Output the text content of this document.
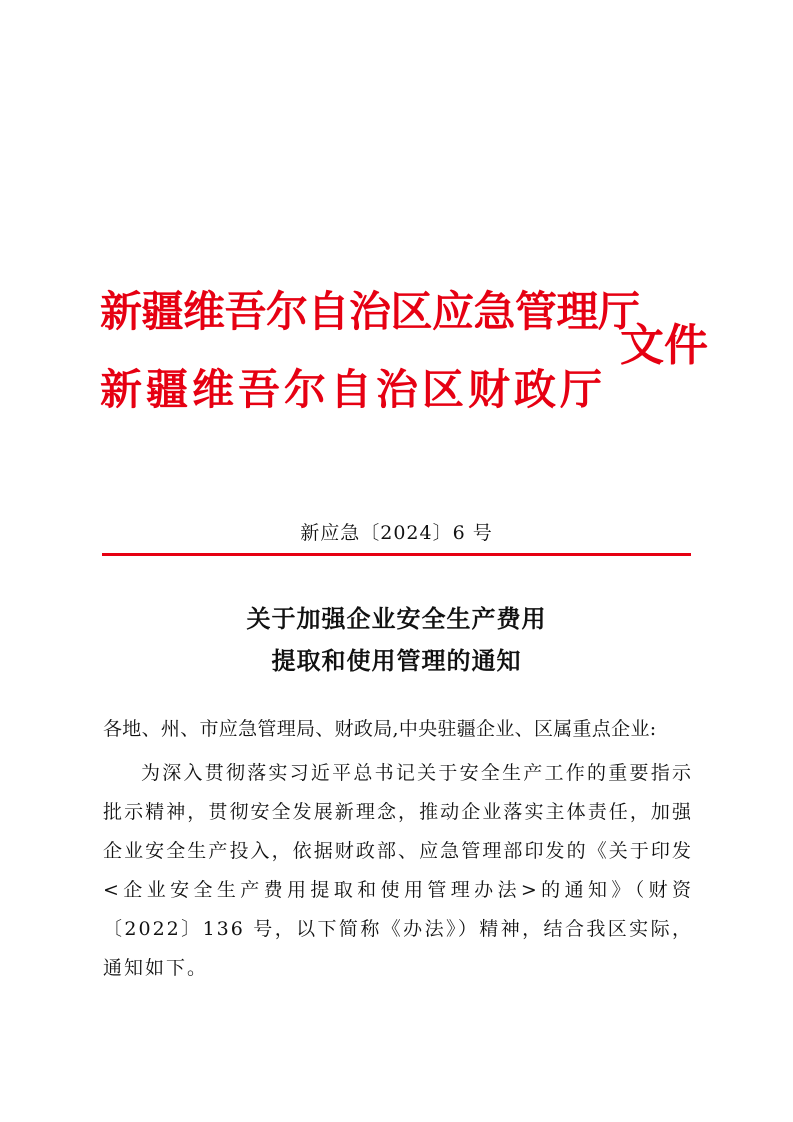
新疆维吾尔自治区应急管理厅
新疆维吾尔自治区财政厅
文件
新应急〔2024〕6 号
关于加强企业安全生产费用
提取和使用管理的通知
各地、州、市应急管理局、财政局,中央驻疆企业、区属重点企业:
为深入贯彻落实习近平总书记关于安全生产工作的重要指示批示精神，贯彻安全发展新理念，推动企业落实主体责任，加强企业安全生产投入，依据财政部、应急管理部印发的《关于印发<企业安全生产费用提取和使用管理办法>的通知》（财资〔2022〕136 号，以下简称《办法》）精神，结合我区实际，通知如下。
